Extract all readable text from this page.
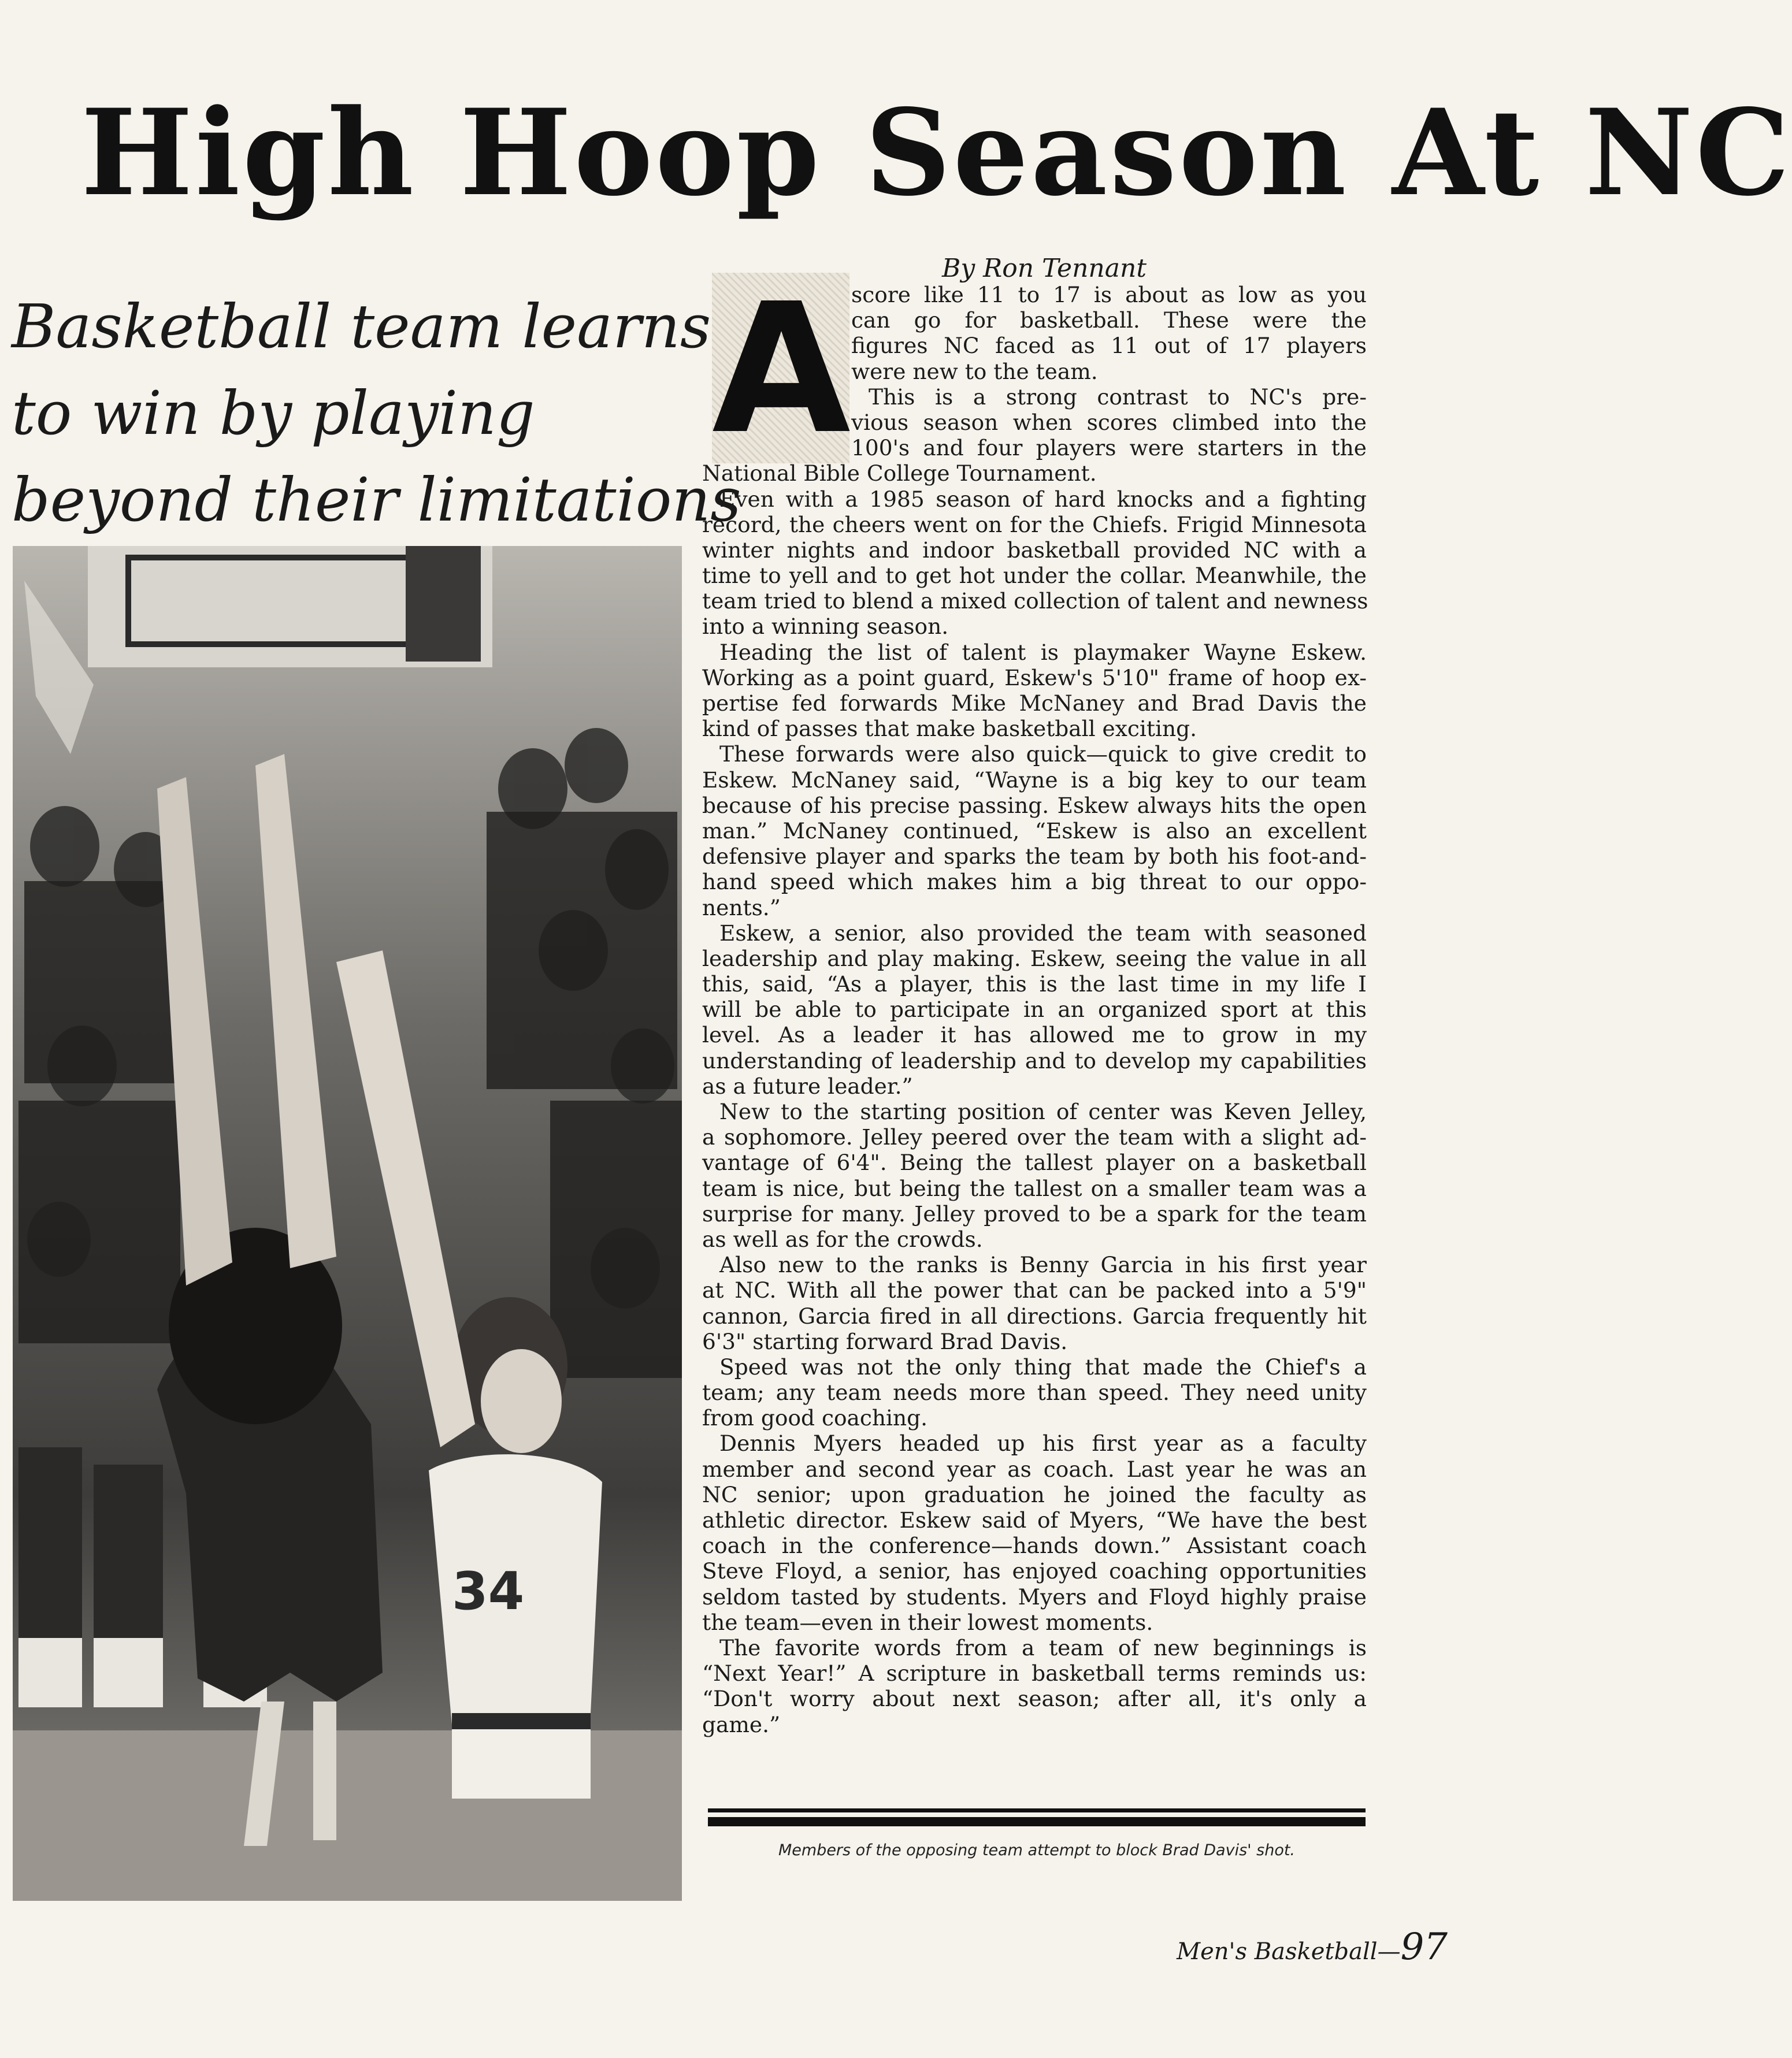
High Hoop Season At NC
Basketball team learns
to win by playing
beyond their limitations
34
By Ron Tennant
A score like 11 to 17 is about as low as you
can go for basketball. These were the
figures NC faced as 11 out of 17 players
were new to the team.
This is a strong contrast to NC's pre-
vious season when scores climbed into the
100's and four players were starters in the
National Bible College Tournament.
Even with a 1985 season of hard knocks and a fighting
record, the cheers went on for the Chiefs. Frigid Minnesota
winter nights and indoor basketball provided NC with a
time to yell and to get hot under the collar. Meanwhile, the
team tried to blend a mixed collection of talent and newness
into a winning season.
Heading the list of talent is playmaker Wayne Eskew.
Working as a point guard, Eskew's 5'10" frame of hoop ex-
pertise fed forwards Mike McNaney and Brad Davis the
kind of passes that make basketball exciting.
These forwards were also quick—quick to give credit to
Eskew. McNaney said, “Wayne is a big key to our team
because of his precise passing. Eskew always hits the open
man.” McNaney continued, “Eskew is also an excellent
defensive player and sparks the team by both his foot-and-
hand speed which makes him a big threat to our oppo-
nents.”
Eskew, a senior, also provided the team with seasoned
leadership and play making. Eskew, seeing the value in all
this, said, “As a player, this is the last time in my life I
will be able to participate in an organized sport at this
level. As a leader it has allowed me to grow in my
understanding of leadership and to develop my capabilities
as a future leader.”
New to the starting position of center was Keven Jelley,
a sophomore. Jelley peered over the team with a slight ad-
vantage of 6'4". Being the tallest player on a basketball
team is nice, but being the tallest on a smaller team was a
surprise for many. Jelley proved to be a spark for the team
as well as for the crowds.
Also new to the ranks is Benny Garcia in his first year
at NC. With all the power that can be packed into a 5'9"
cannon, Garcia fired in all directions. Garcia frequently hit
6'3" starting forward Brad Davis.
Speed was not the only thing that made the Chief's a
team; any team needs more than speed. They need unity
from good coaching.
Dennis Myers headed up his first year as a faculty
member and second year as coach. Last year he was an
NC senior; upon graduation he joined the faculty as
athletic director. Eskew said of Myers, “We have the best
coach in the conference—hands down.” Assistant coach
Steve Floyd, a senior, has enjoyed coaching opportunities
seldom tasted by students. Myers and Floyd highly praise
the team—even in their lowest moments.
The favorite words from a team of new beginnings is
“Next Year!” A scripture in basketball terms reminds us:
“Don't worry about next season; after all, it's only a
game.”
Members of the opposing team attempt to block Brad Davis' shot.
Men's Basketball—97
